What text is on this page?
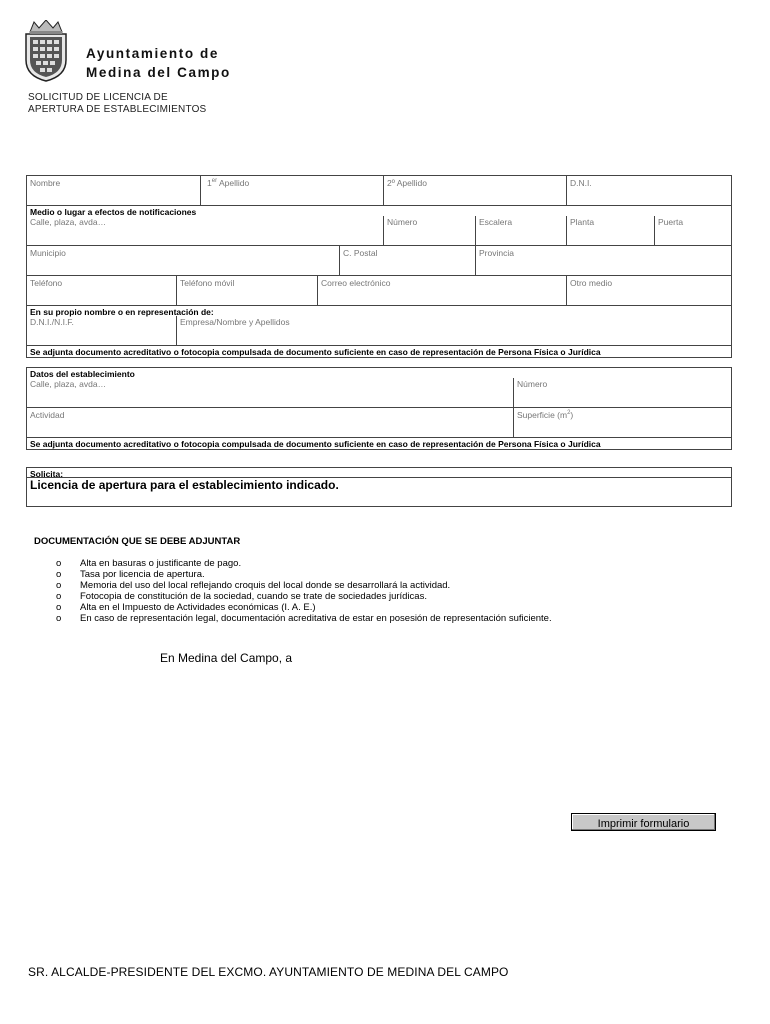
Ayuntamiento de
Medina del Campo
SOLICITUD DE LICENCIA DE
APERTURA DE ESTABLECIMIENTOS
Nombre	1er Apellido	2º Apellido	D.N.I.
Medio o lugar a efectos de notificaciones
Calle, plaza, avda…	Número	Escalera	Planta	Puerta
Municipio	C. Postal	Provincia
Teléfono	Teléfono móvil	Correo electrónico	Otro medio
En su propio nombre o en representación de:
D.N.I./N.I.F.	Empresa/Nombre y Apellidos
Se adjunta documento acreditativo o fotocopia compulsada de documento suficiente en caso de representación de Persona Física o Jurídica
Datos del establecimiento
Calle, plaza, avda…	Número
Actividad	Superficie $(m^2)$
Se adjunta documento acreditativo o fotocopia compulsada de documento suficiente en caso de representación de Persona Física o Jurídica
Solicita:
Licencia de apertura para el establecimiento indicado.
DOCUMENTACIÓN QUE SE DEBE ADJUNTAR
o Alta en basuras o justificante de pago.
o Tasa por licencia de apertura.
o Memoria del uso del local reflejando croquis del local donde se desarrollará la actividad.
o Fotocopia de constitución de la sociedad, cuando se trate de sociedades jurídicas.
o Alta en el Impuesto de Actividades económicas (I. A. E.)
o En caso de representación legal, documentación acreditativa de estar en posesión de representación suficiente.
En Medina del Campo, a
Imprimir formulario
SR. ALCALDE-PRESIDENTE DEL EXCMO. AYUNTAMIENTO DE MEDINA DEL CAMPO
